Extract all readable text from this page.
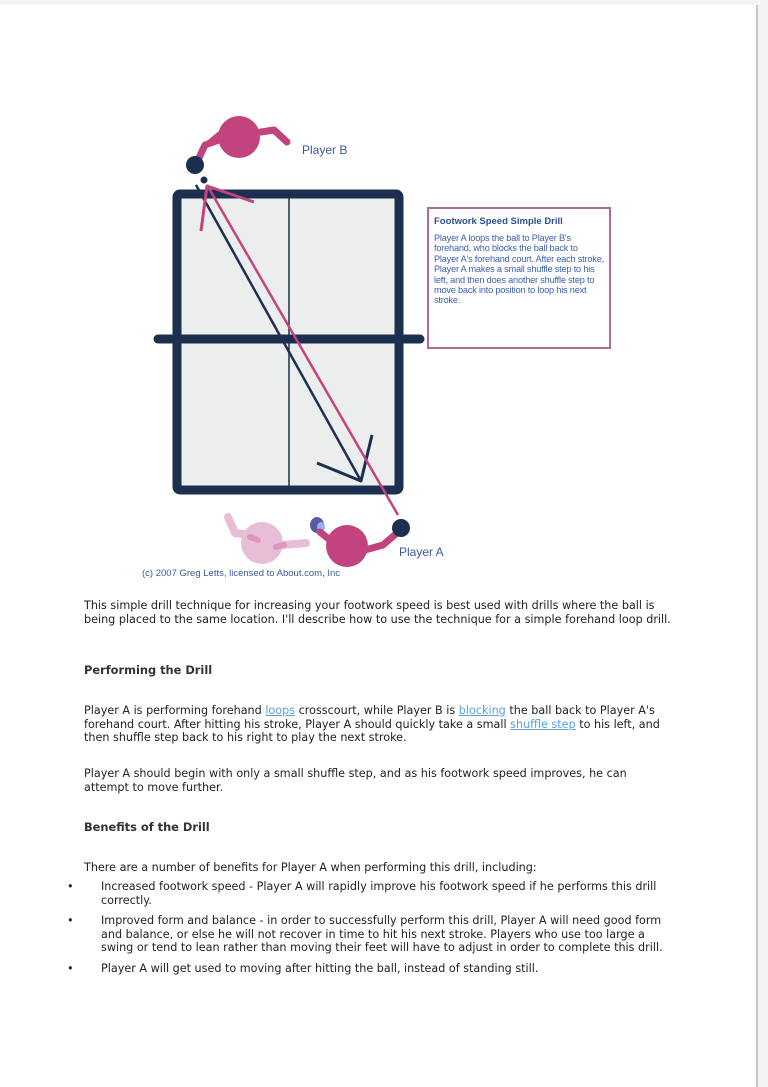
Player B
Player A
(c) 2007 Greg Letts, licensed to About.com, Inc
Footwork Speed Simple Drill
Player A loops the ball to Player B's forehand, who blocks the ball back to Player A's forehand court. After each stroke, Player A makes a small shuffle step to his left, and then does another shuffle step to move back into position to loop his next stroke.
This simple drill technique for increasing your footwork speed is best used with drills where the ball is being placed to the same location. I'll describe how to use the technique for a simple forehand loop drill.
Performing the Drill
Player A is performing forehand loops crosscourt, while Player B is blocking the ball back to Player A's forehand court. After hitting his stroke, Player A should quickly take a small shuffle step to his left, and then shuffle step back to his right to play the next stroke.
Player A should begin with only a small shuffle step, and as his footwork speed improves, he can attempt to move further.
Benefits of the Drill
There are a number of benefits for Player A when performing this drill, including:
• Increased footwork speed - Player A will rapidly improve his footwork speed if he performs this drill correctly.
• Improved form and balance - in order to successfully perform this drill, Player A will need good form and balance, or else he will not recover in time to hit his next stroke. Players who use too large a swing or tend to lean rather than moving their feet will have to adjust in order to complete this drill.
• Player A will get used to moving after hitting the ball, instead of standing still.
